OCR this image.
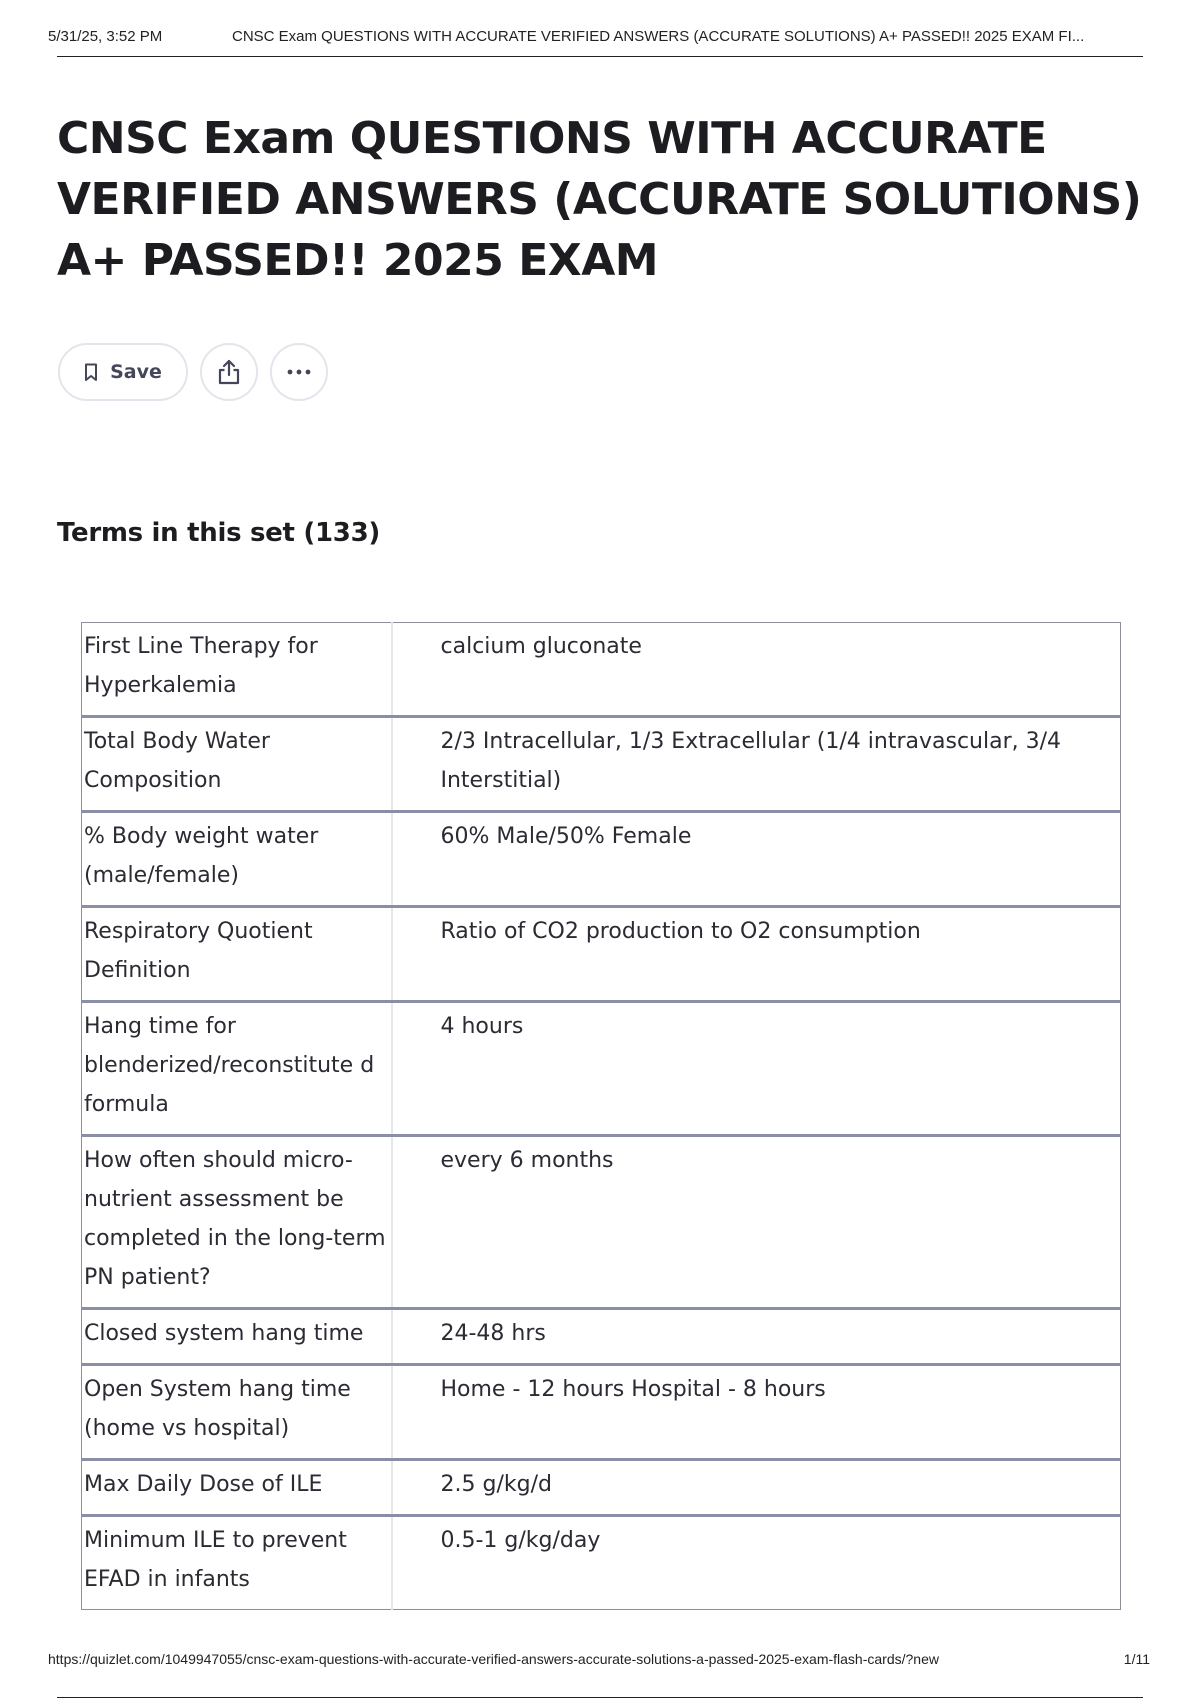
5/31/25, 3:52 PM	CNSC Exam QUESTIONS WITH ACCURATE VERIFIED ANSWERS (ACCURATE SOLUTIONS) A+ PASSED!! 2025 EXAM FI...
CNSC Exam QUESTIONS WITH ACCURATE VERIFIED ANSWERS (ACCURATE SOLUTIONS) A+ PASSED!! 2025 EXAM
Save
Terms in this set (133)
First Line Therapy for Hyperkalemia	calcium gluconate
Total Body Water Composition	2/3 Intracellular, 1/3 Extracellular (1/4 intravascular, 3/4 Interstitial)
% Body weight water (male/female)	60% Male/50% Female
Respiratory Quotient Definition	Ratio of CO2 production to O2 consumption
Hang time for blenderized/reconstitute d formula	4 hours
How often should micro-nutrient assessment be completed in the long-term PN patient?	every 6 months
Closed system hang time	24-48 hrs
Open System hang time (home vs hospital)	Home - 12 hours Hospital - 8 hours
Max Daily Dose of ILE	2.5 g/kg/d
Minimum ILE to prevent EFAD in infants	0.5-1 g/kg/day
https://quizlet.com/1049947055/cnsc-exam-questions-with-accurate-verified-answers-accurate-solutions-a-passed-2025-exam-flash-cards/?new	1/11
